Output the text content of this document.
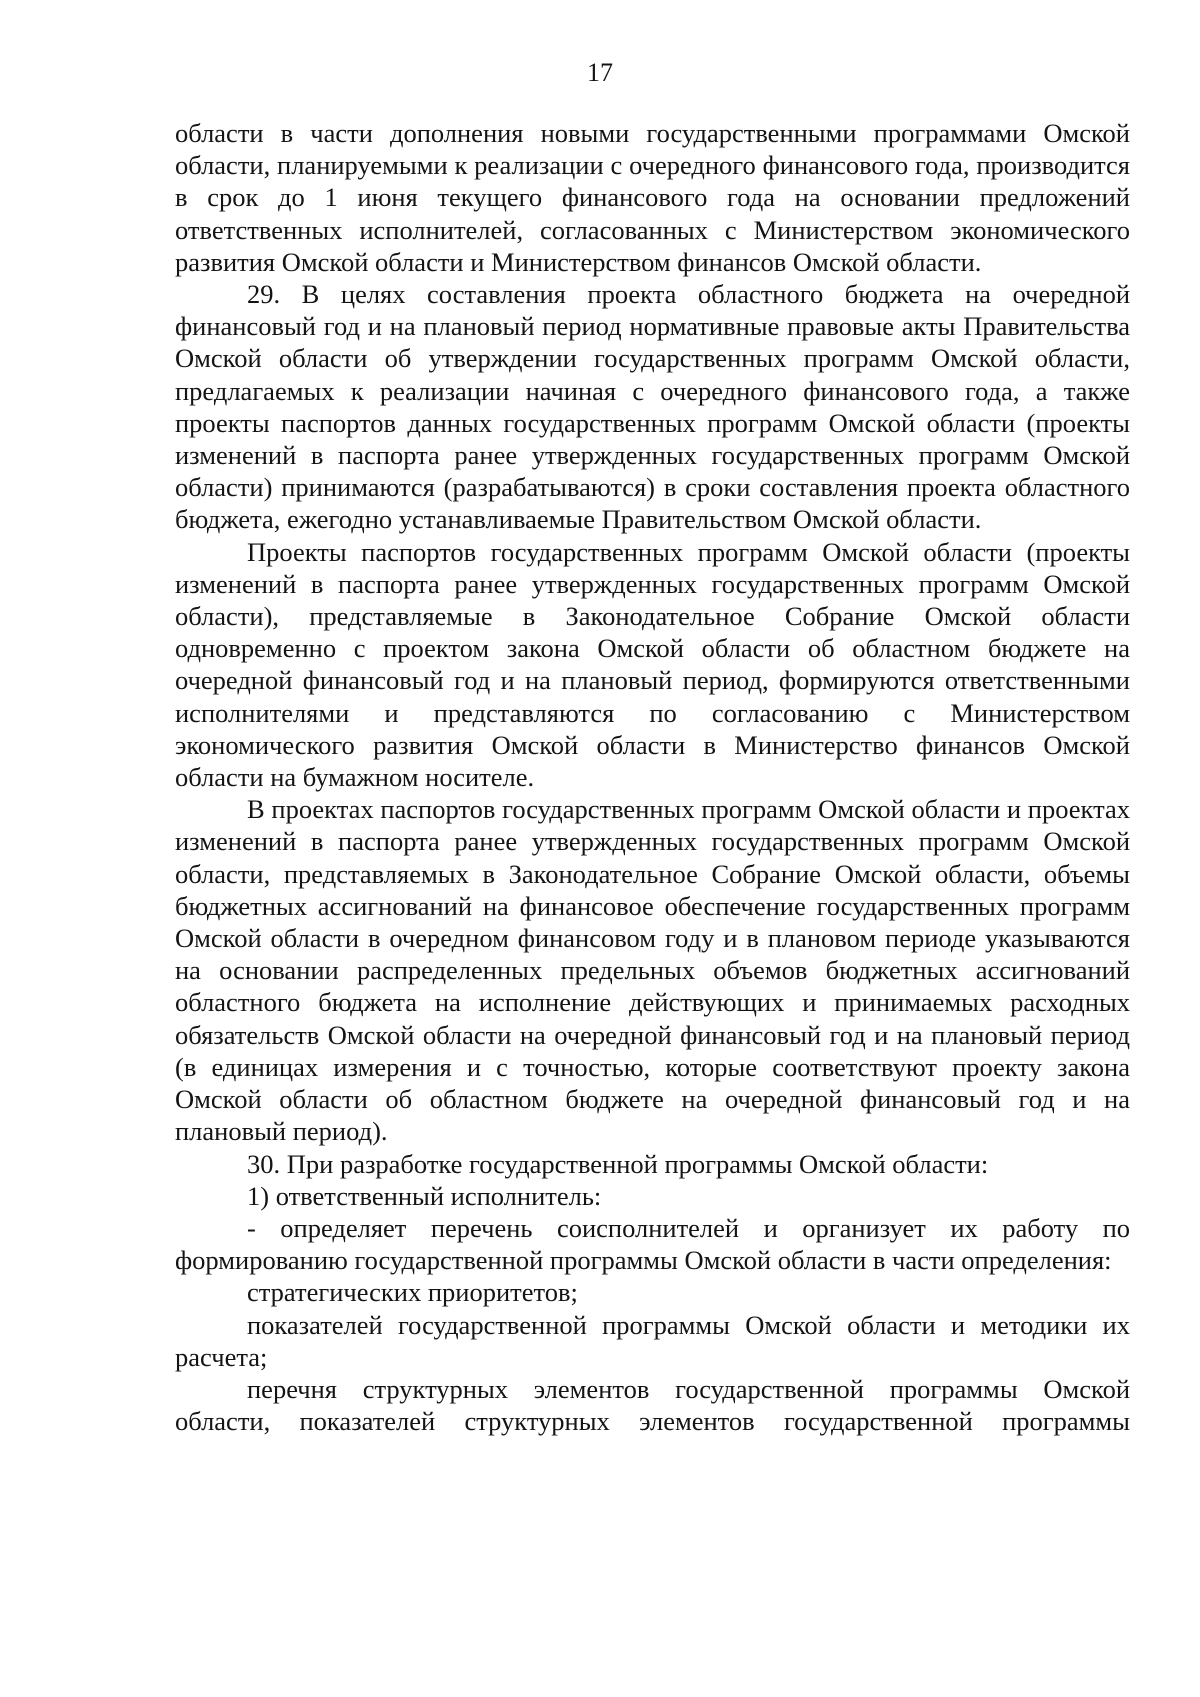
17

области в части дополнения новыми государственными программами Омской области, планируемыми к реализации с очередного финансового года, производится в срок до 1 июня текущего финансового года на основании предложений ответственных исполнителей, согласованных с Министерством экономического развития Омской области и Министерством финансов Омской области.

29. В целях составления проекта областного бюджета на очередной финансовый год и на плановый период нормативные правовые акты Правительства Омской области об утверждении государственных программ Омской области, предлагаемых к реализации начиная с очередного финансового года, а также проекты паспортов данных государственных программ Омской области (проекты изменений в паспорта ранее утвержденных государственных программ Омской области) принимаются (разрабатываются) в сроки составления проекта областного бюджета, ежегодно устанавливаемые Правительством Омской области.

Проекты паспортов государственных программ Омской области (проекты изменений в паспорта ранее утвержденных государственных программ Омской области), представляемые в Законодательное Собрание Омской области одновременно с проектом закона Омской области об областном бюджете на очередной финансовый год и на плановый период, формируются ответственными исполнителями и представляются по согласованию с Министерством экономического развития Омской области в Министерство финансов Омской области на бумажном носителе.

В проектах паспортов государственных программ Омской области и проектах изменений в паспорта ранее утвержденных государственных программ Омской области, представляемых в Законодательное Собрание Омской области, объемы бюджетных ассигнований на финансовое обеспечение государственных программ Омской области в очередном финансовом году и в плановом периоде указываются на основании распределенных предельных объемов бюджетных ассигнований областного бюджета на исполнение действующих и принимаемых расходных обязательств Омской области на очередной финансовый год и на плановый период (в единицах измерения и с точностью, которые соответствуют проекту закона Омской области об областном бюджете на очередной финансовый год и на плановый период).

30. При разработке государственной программы Омской области:

1) ответственный исполнитель:

- определяет перечень соисполнителей и организует их работу по формированию государственной программы Омской области в части определения:

стратегических приоритетов;

показателей государственной программы Омской области и методики их расчета;

перечня структурных элементов государственной программы Омской области, показателей структурных элементов государственной программы
